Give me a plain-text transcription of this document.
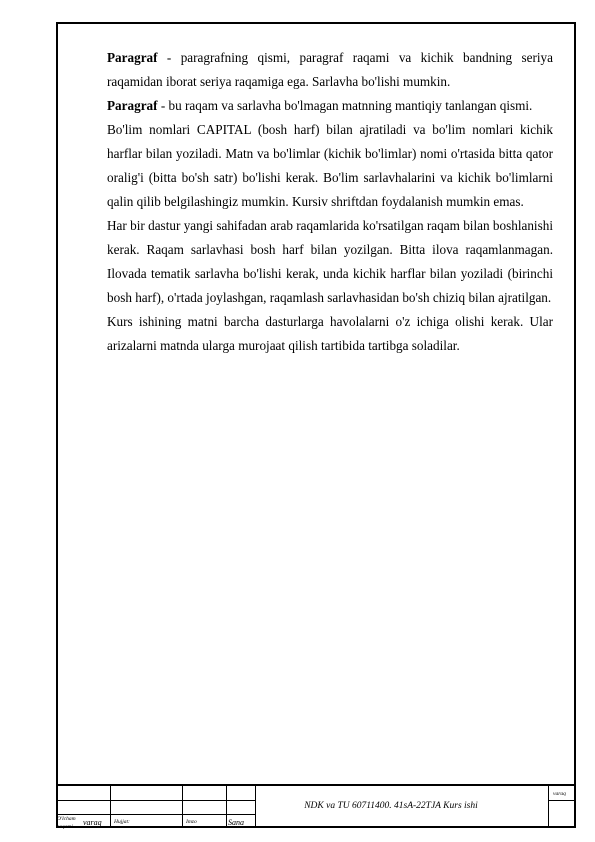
Paragraf - paragrafning qismi, paragraf raqami va kichik bandning seriya raqamidan iborat seriya raqamiga ega. Sarlavha bo'lishi mumkin.

Paragraf - bu raqam va sarlavha bo'lmagan matnning mantiqiy tanlangan qismi.

Bo'lim nomlari CAPITAL (bosh harf) bilan ajratiladi va bo'lim nomlari kichik harflar bilan yoziladi. Matn va bo'limlar (kichik bo'limlar) nomi o'rtasida bitta qator oralig'i (bitta bo'sh satr) bo'lishi kerak. Bo'lim sarlavhalarini va kichik bo'limlarni qalin qilib belgilashingiz mumkin. Kursiv shriftdan foydalanish mumkin emas.

Har bir dastur yangi sahifadan arab raqamlarida ko'rsatilgan raqam bilan boshlanishi kerak. Raqam sarlavhasi bosh harf bilan yozilgan. Bitta ilova raqamlanmagan. Ilovada tematik sarlavha bo'lishi kerak, unda kichik harflar bilan yoziladi (birinchi bosh harf), o'rtada joylashgan, raqamlash sarlavhasidan bo'sh chiziq bilan ajratilgan.

Kurs ishining matni barcha dasturlarga havolalarni o'z ichiga olishi kerak. Ular arizalarni matnda ularga murojaat qilish tartibida tartibga soladilar.

O'lcham
raqami varaq Hujjat:	Imzo	Sana
NDK va TU 60711400. 41sA-22TJA Kurs ishi
varaq
